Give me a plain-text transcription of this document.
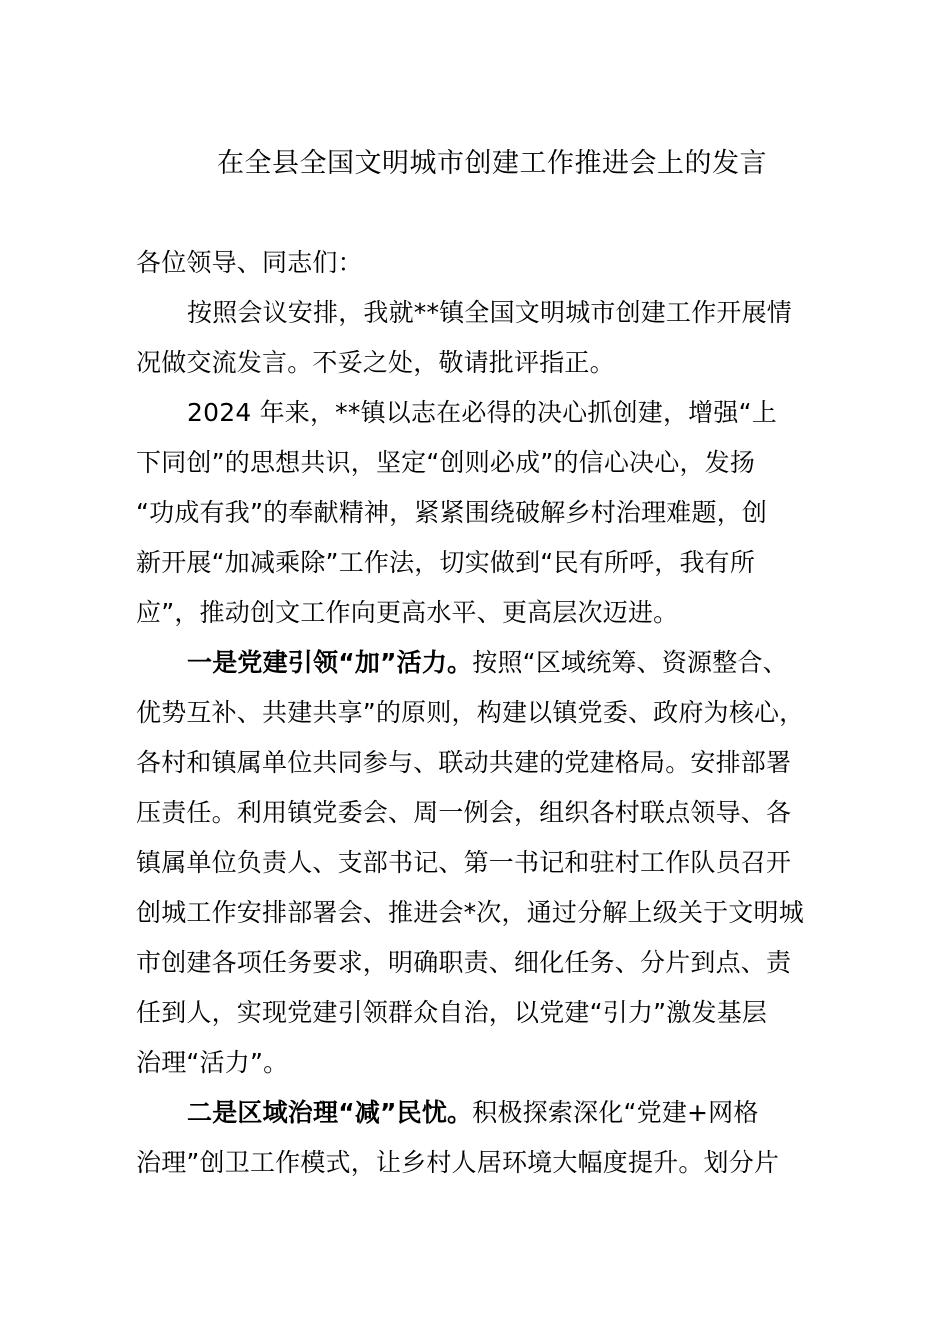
在全县全国文明城市创建工作推进会上的发言
各位领导、同志们：
按照会议安排，我就**镇全国文明城市创建工作开展情
况做交流发言。不妥之处，敬请批评指正。
2024 年来，**镇以志在必得的决心抓创建，增强“上
下同创”的思想共识，坚定“创则必成”的信心决心，发扬
“功成有我”的奉献精神，紧紧围绕破解乡村治理难题，创
新开展“加减乘除”工作法，切实做到“民有所呼，我有所
应”，推动创文工作向更高水平、更高层次迈进。
一是党建引领“加”活力。按照“区域统筹、资源整合、
优势互补、共建共享”的原则，构建以镇党委、政府为核心，
各村和镇属单位共同参与、联动共建的党建格局。安排部署
压责任。利用镇党委会、周一例会，组织各村联点领导、各
镇属单位负责人、支部书记、第一书记和驻村工作队员召开
创城工作安排部署会、推进会*次，通过分解上级关于文明城
市创建各项任务要求，明确职责、细化任务、分片到点、责
任到人，实现党建引领群众自治，以党建“引力”激发基层
治理“活力”。
二是区域治理“减”民忧。积极探索深化“党建+网格
治理”创卫工作模式，让乡村人居环境大幅度提升。划分片
